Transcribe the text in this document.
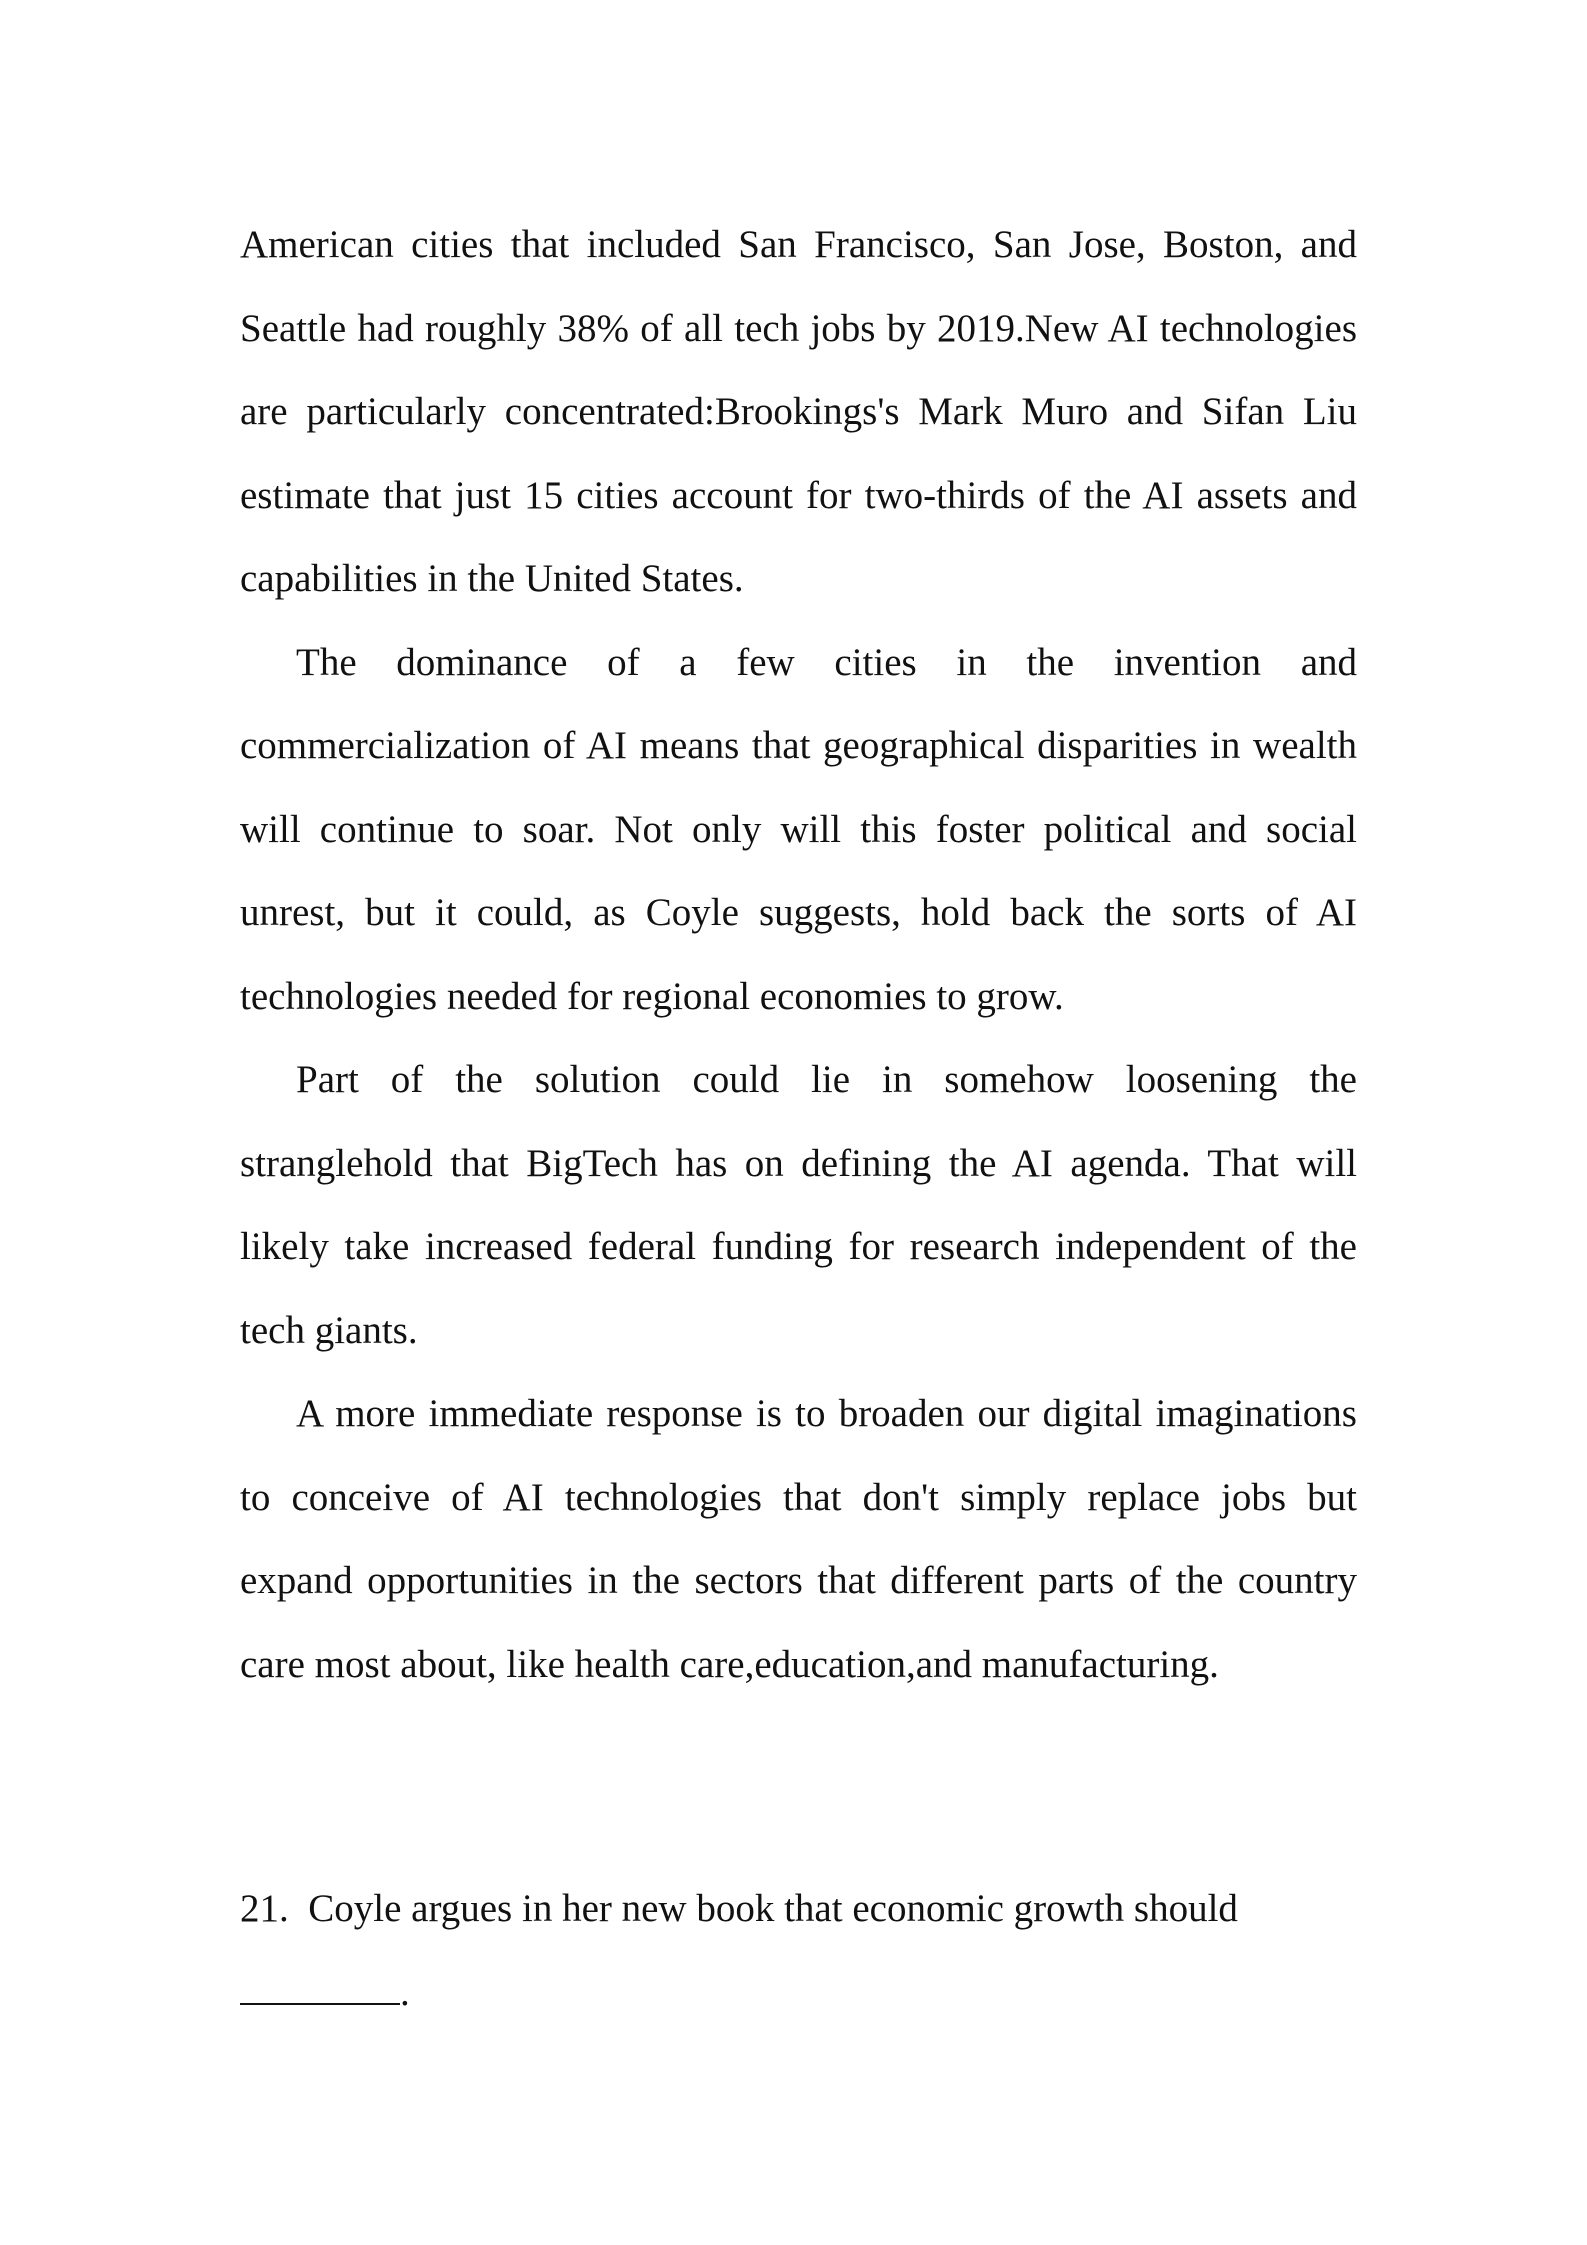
American cities that included San Francisco, San Jose, Boston, and Seattle had roughly 38% of all tech jobs by 2019.New AI technologies are particularly concentrated:Brookings's Mark Muro and Sifan Liu estimate that just 15 cities account for two-thirds of the AI assets and capabilities in the United States.

The dominance of a few cities in the invention and commercialization of AI means that geographical disparities in wealth will continue to soar. Not only will this foster political and social unrest, but it could, as Coyle suggests, hold back the sorts of AI technologies needed for regional economies to grow.

Part of the solution could lie in somehow loosening the stranglehold that BigTech has on defining the AI agenda. That will likely take increased federal funding for research independent of the tech giants.

A more immediate response is to broaden our digital imaginations to conceive of AI technologies that don't simply replace jobs but expand opportunities in the sectors that different parts of the country care most about, like health care,education,and manufacturing.

21. Coyle argues in her new book that economic growth should
.
